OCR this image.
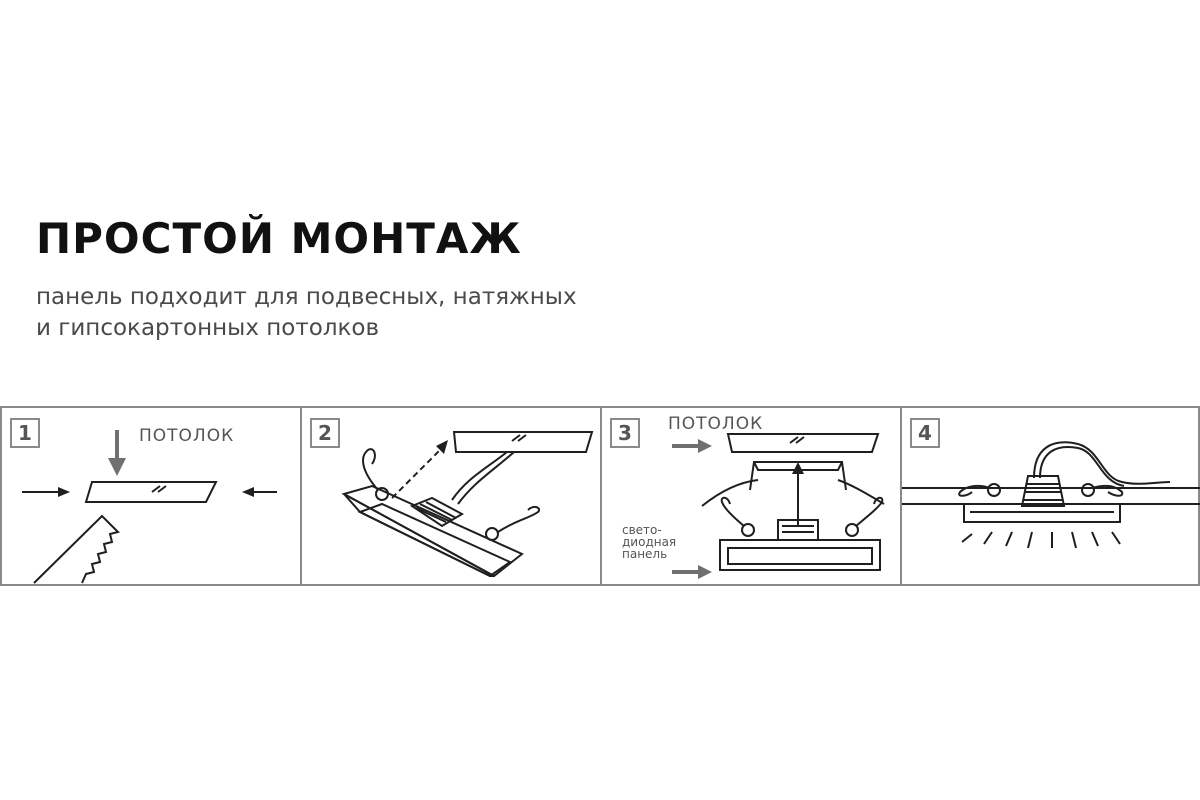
ПРОСТОЙ МОНТАЖ

панель подходит для подвесных, натяжных
и гипсокартонных потолков

1	ПОТОЛОК	2	3	ПОТОЛОК
свето-
диодная
панель
4
